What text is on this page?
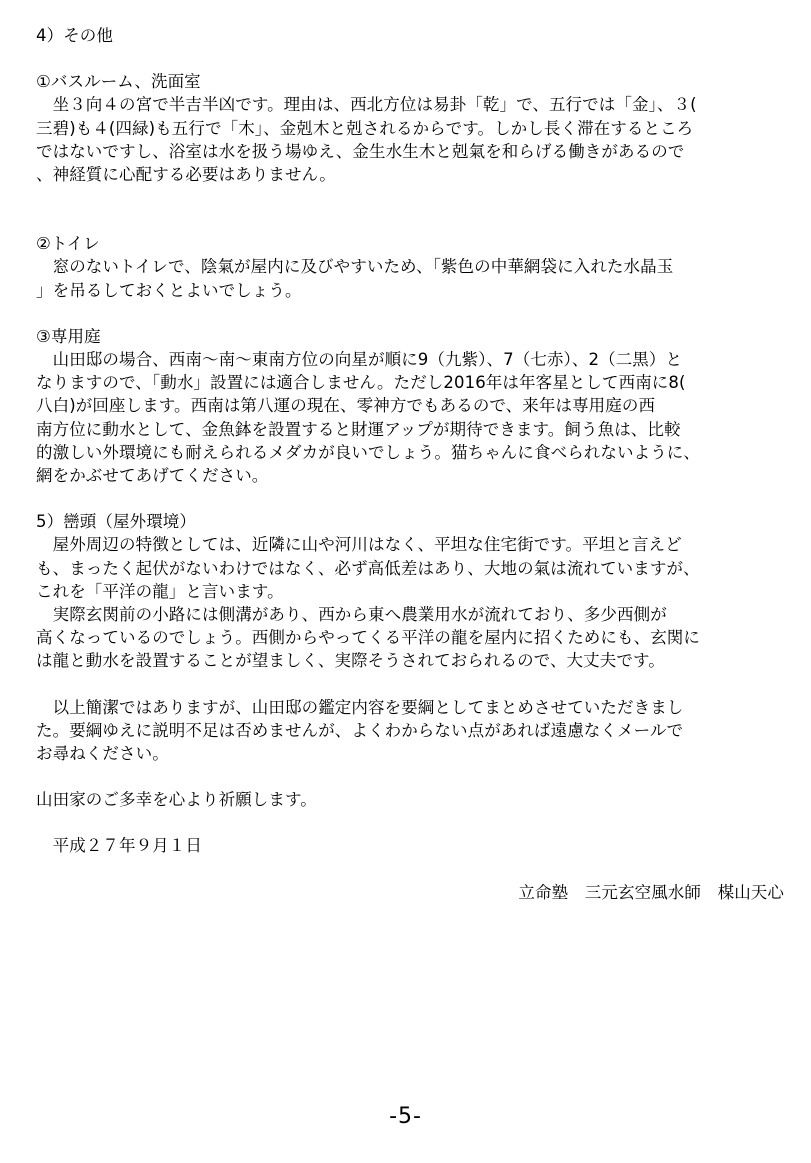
4）その他

①バスルーム、洗面室

　坐３向４の宮で半吉半凶です。理由は、西北方位は易卦「乾」で、五行では「金」、３(

三碧)も４(四緑)も五行で「木」、金剋木と剋されるからです。しかし長く滞在するところ

ではないですし、浴室は水を扱う場ゆえ、金生水生木と剋氣を和らげる働きがあるので

、神経質に心配する必要はありません。

②トイレ

　窓のないトイレで、陰氣が屋内に及びやすいため、「紫色の中華網袋に入れた水晶玉

」を吊るしておくとよいでしょう。

③専用庭

　山田邸の場合、西南～南～東南方位の向星が順に9（九紫）、7（七赤）、2（二黒）と

なりますので、「動水」設置には適合しません。ただし2016年は年客星として西南に8(

八白)が回座します。西南は第八運の現在、零神方でもあるので、来年は専用庭の西

南方位に動水として、金魚鉢を設置すると財運アップが期待できます。飼う魚は、比較

的激しい外環境にも耐えられるメダカが良いでしょう。猫ちゃんに食べられないように、

網をかぶせてあげてください。

5）巒頭（屋外環境）

　屋外周辺の特徴としては、近隣に山や河川はなく、平坦な住宅街です。平坦と言えど

も、まったく起伏がないわけではなく、必ず高低差はあり、大地の氣は流れていますが、

これを「平洋の龍」と言います。

　実際玄関前の小路には側溝があり、西から東へ農業用水が流れており、多少西側が

高くなっているのでしょう。西側からやってくる平洋の龍を屋内に招くためにも、玄関に

は龍と動水を設置することが望ましく、実際そうされておられるので、大丈夫です。

　以上簡潔ではありますが、山田邸の鑑定内容を要綱としてまとめさせていただきまし

た。要綱ゆえに説明不足は否めませんが、よくわからない点があれば遠慮なくメールで

お尋ねください。

山田家のご多幸を心より祈願します。

　平成２７年９月１日

立命塾　三元玄空風水師　楳山天心

-5-
